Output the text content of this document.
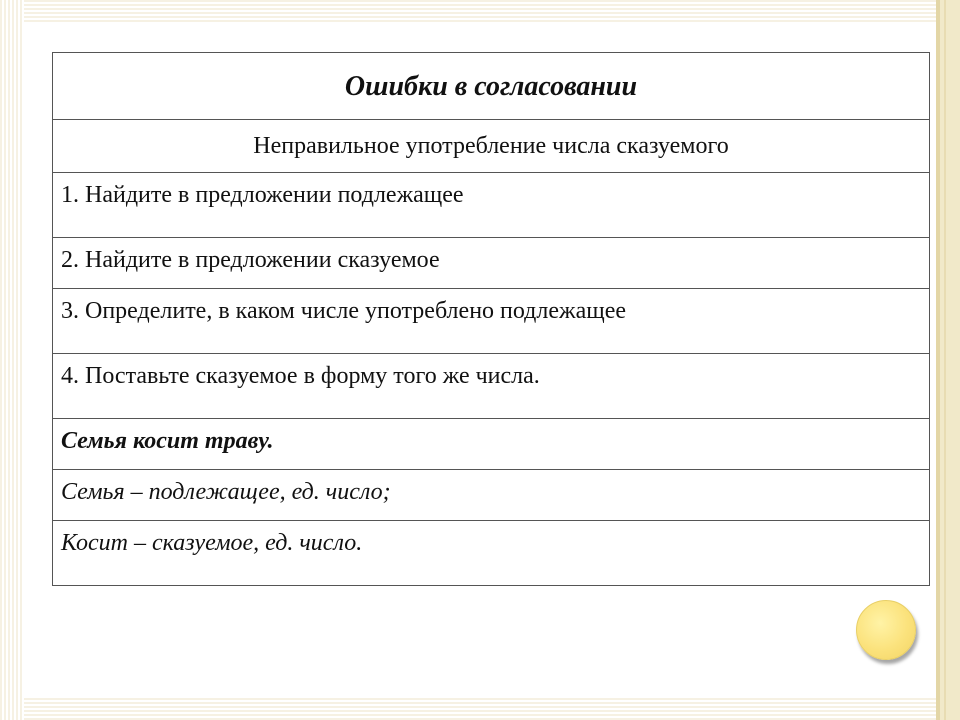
Ошибки в согласовании
Неправильное употребление числа сказуемого
1. Найдите в предложении подлежащее
2. Найдите в предложении сказуемое
3. Определите, в каком числе употреблено подлежащее
4. Поставьте сказуемое в форму того же числа.
Семья косит траву.
Семья – подлежащее, ед. число;
Косит – сказуемое, ед. число.
